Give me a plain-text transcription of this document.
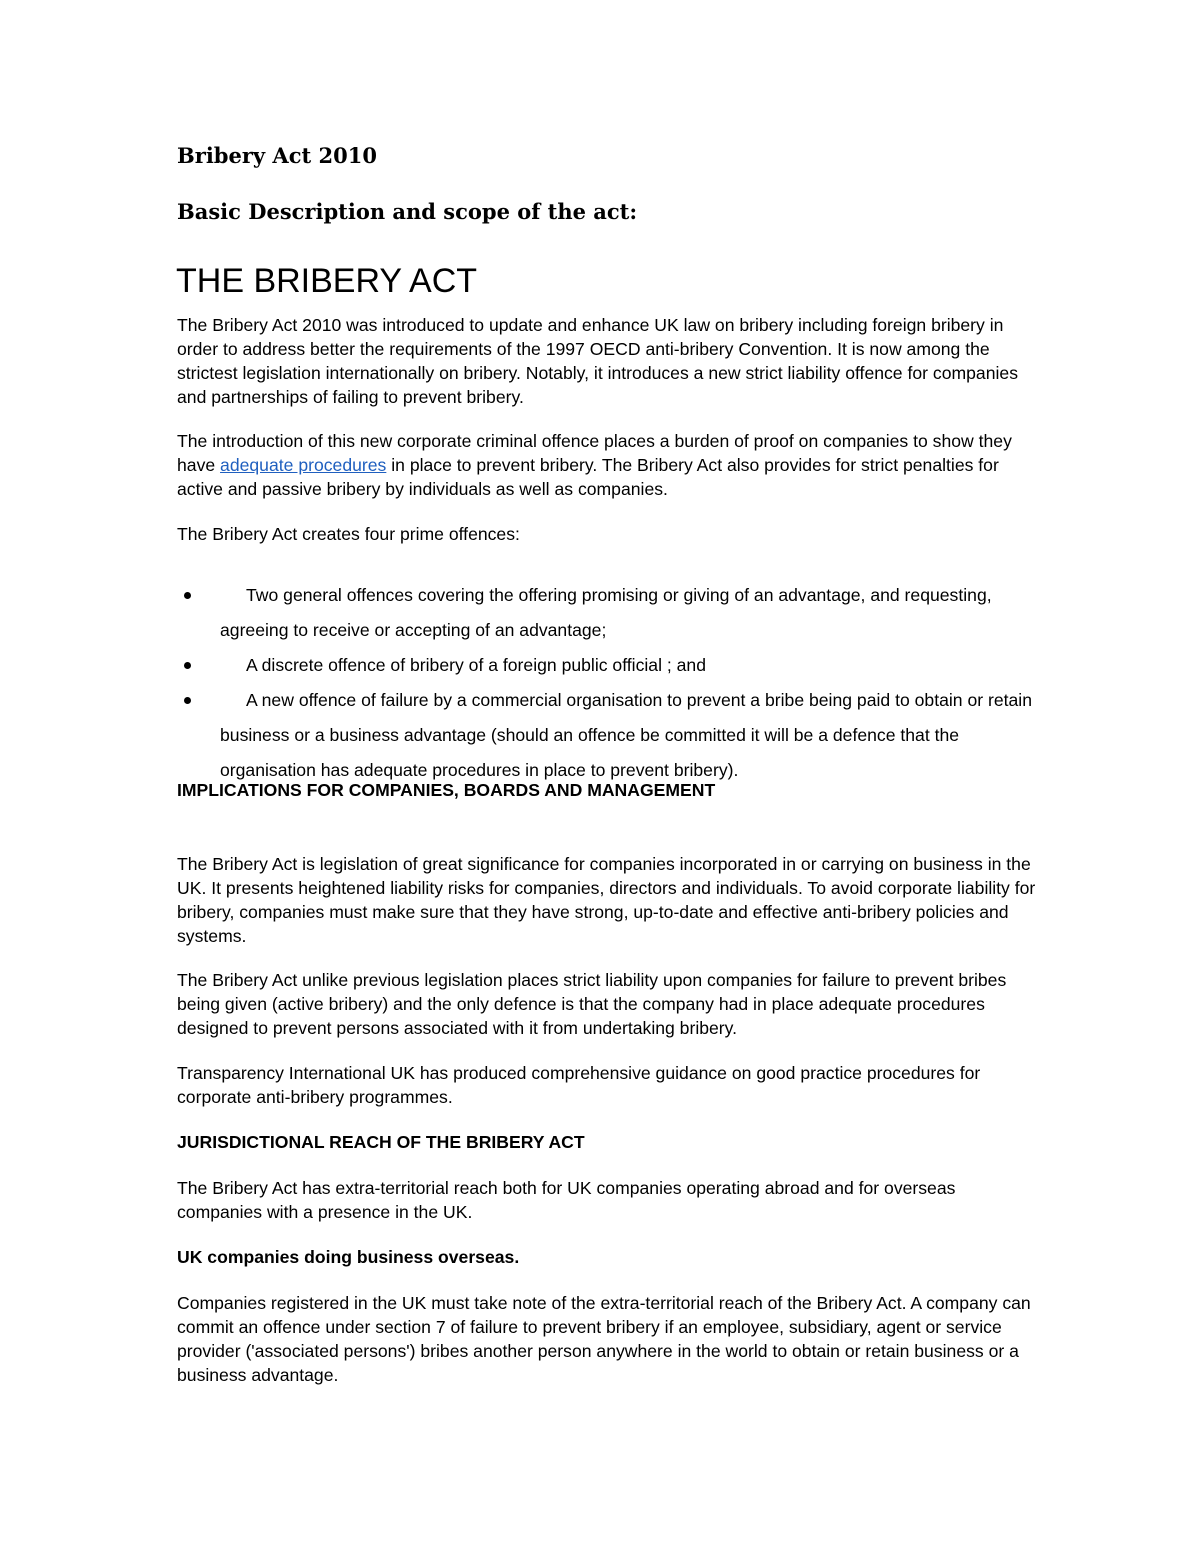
Bribery Act 2010
Basic Description and scope of the act:
THE BRIBERY ACT

The Bribery Act 2010 was introduced to update and enhance UK law on bribery including foreign bribery in order to address better the requirements of the 1997 OECD anti-bribery Convention. It is now among the strictest legislation internationally on bribery. Notably, it introduces a new strict liability offence for companies and partnerships of failing to prevent bribery.

The introduction of this new corporate criminal offence places a burden of proof on companies to show they have adequate procedures in place to prevent bribery. The Bribery Act also provides for strict penalties for active and passive bribery by individuals as well as companies.

The Bribery Act creates four prime offences:

Two general offences covering the offering promising or giving of an advantage, and requesting, agreeing to receive or accepting of an advantage;
A discrete offence of bribery of a foreign public official ; and
A new offence of failure by a commercial organisation to prevent a bribe being paid to obtain or retain business or a business advantage (should an offence be committed it will be a defence that the organisation has adequate procedures in place to prevent bribery).
IMPLICATIONS FOR COMPANIES, BOARDS AND MANAGEMENT

The Bribery Act is legislation of great significance for companies incorporated in or carrying on business in the UK. It presents heightened liability risks for companies, directors and individuals. To avoid corporate liability for bribery, companies must make sure that they have strong, up-to-date and effective anti-bribery policies and systems.

The Bribery Act unlike previous legislation places strict liability upon companies for failure to prevent bribes being given (active bribery) and the only defence is that the company had in place adequate procedures designed to prevent persons associated with it from undertaking bribery.

Transparency International UK has produced comprehensive guidance on good practice procedures for corporate anti-bribery programmes.

JURISDICTIONAL REACH OF THE BRIBERY ACT

The Bribery Act has extra-territorial reach both for UK companies operating abroad and for overseas companies with a presence in the UK.

UK companies doing business overseas.

Companies registered in the UK must take note of the extra-territorial reach of the Bribery Act. A company can commit an offence under section 7 of failure to prevent bribery if an employee, subsidiary, agent or service provider ('associated persons') bribes another person anywhere in the world to obtain or retain business or a business advantage.
